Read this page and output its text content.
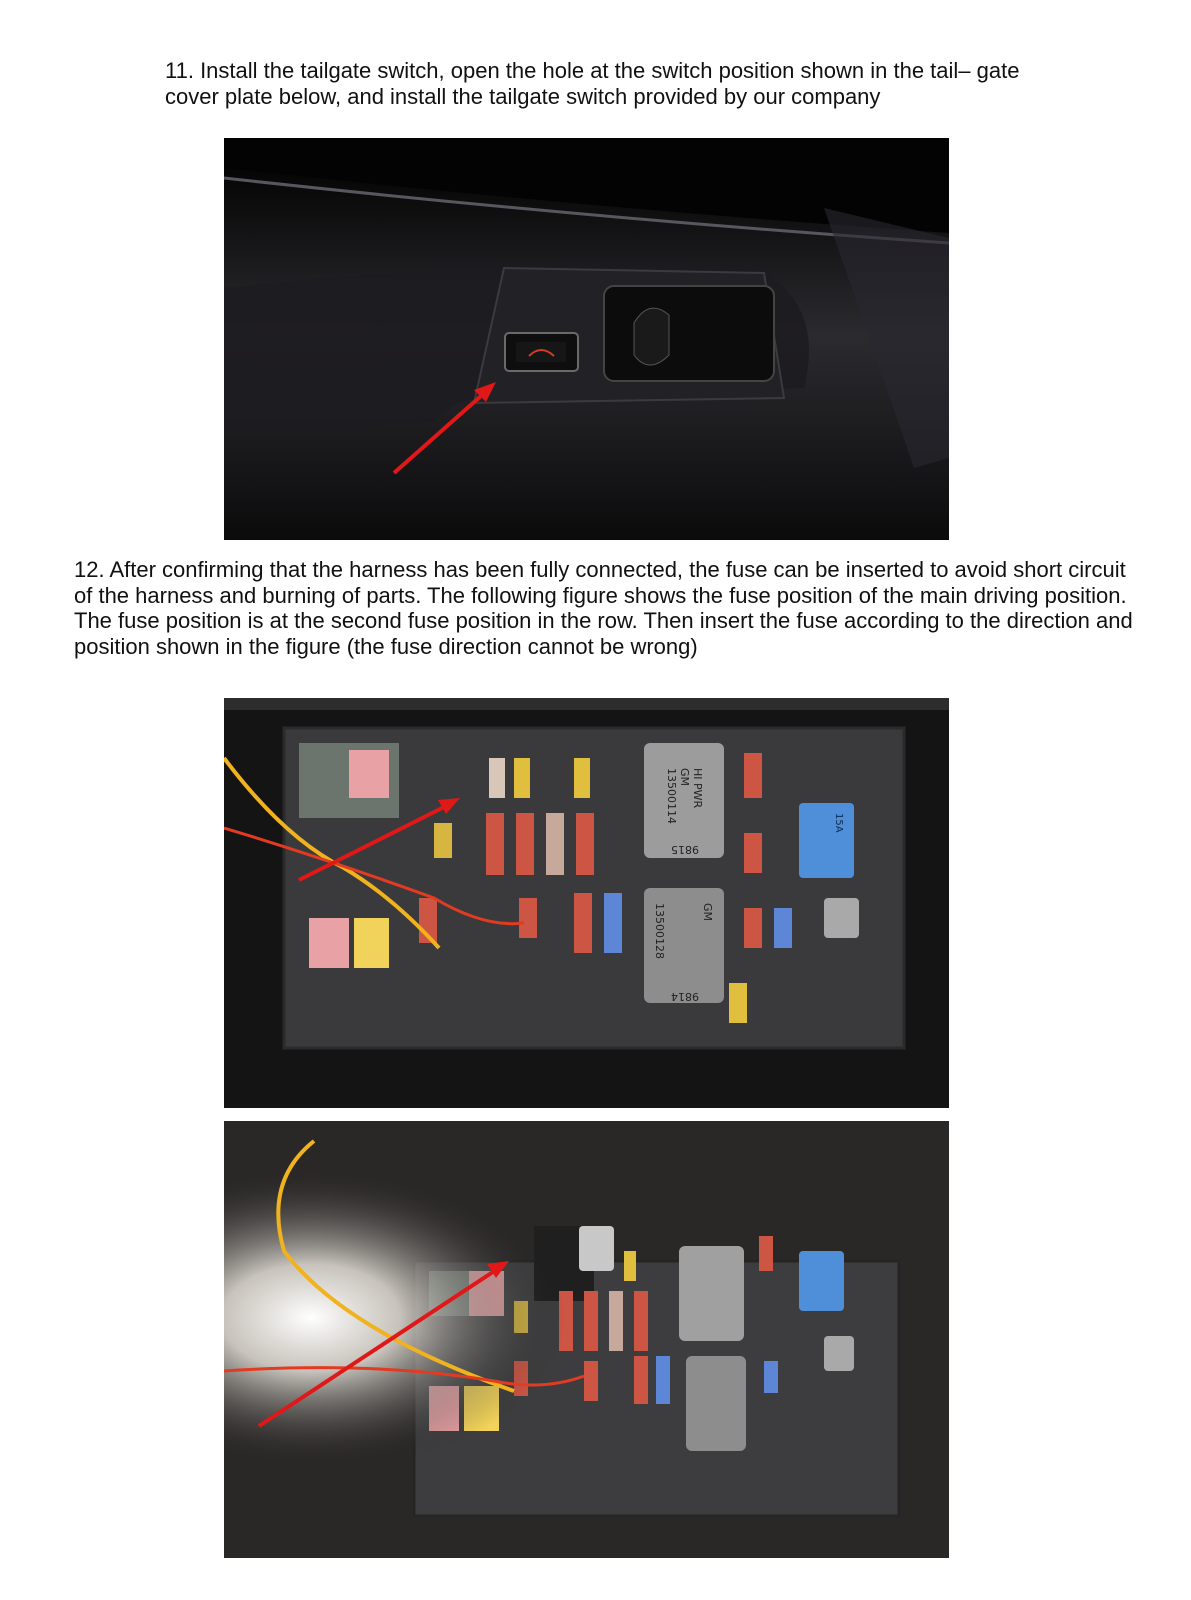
11. Install the tailgate switch, open the hole at the switch position shown in the tail– gate cover plate below, and install the tailgate switch provided by our company

12. After confirming that the harness has been fully connected, the fuse can be inserted to avoid short circuit of the harness and burning of parts. The following figure shows the fuse position of the main driving position. The fuse position is at the second fuse position in the row. Then insert the fuse according to the direction and position shown in the figure (the fuse direction cannot be wrong)

HI PWR
GM
13500114
9815
GM
13500128
9814
15A
